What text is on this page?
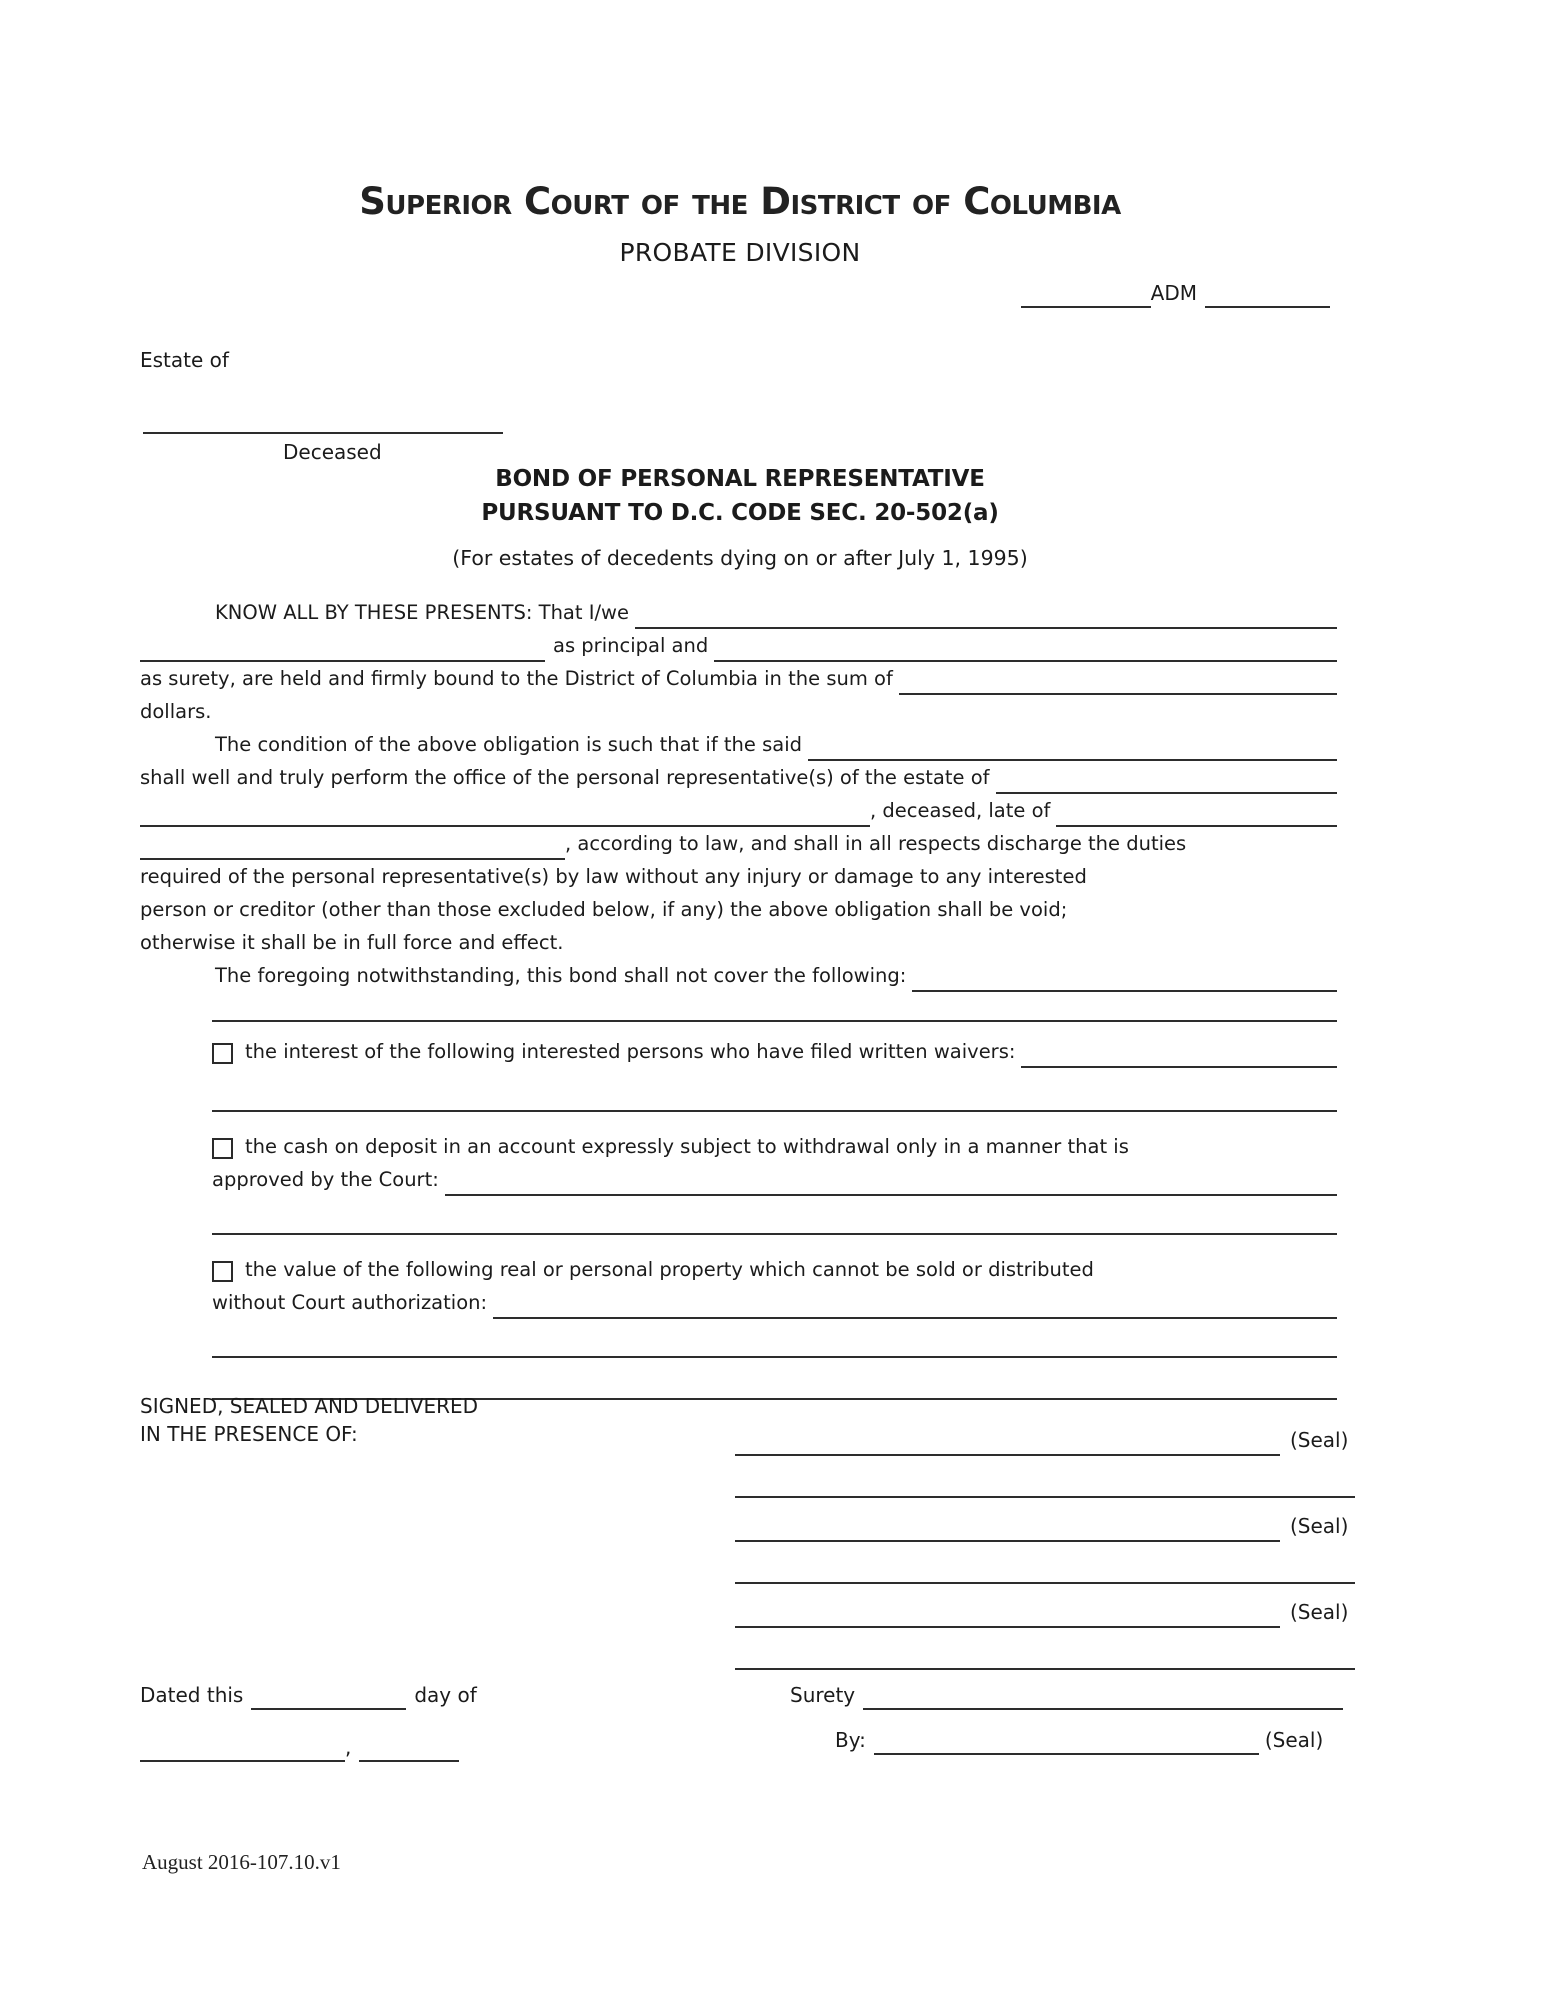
Superior Court of the District of Columbia
PROBATE DIVISION
ADM
Estate of
Deceased
BOND OF PERSONAL REPRESENTATIVE
PURSUANT TO D.C. CODE SEC. 20-502(a)
(For estates of decedents dying on or after July 1, 1995)
KNOW ALL BY THESE PRESENTS: That I/we
as principal and
as surety, are held and firmly bound to the District of Columbia in the sum of
dollars.
The condition of the above obligation is such that if the said
shall well and truly perform the office of the personal representative(s) of the estate of
, deceased, late of
, according to law, and shall in all respects discharge the duties
required of the personal representative(s) by law without any injury or damage to any interested
person or creditor (other than those excluded below, if any) the above obligation shall be void;
otherwise it shall be in full force and effect.
The foregoing notwithstanding, this bond shall not cover the following:
the interest of the following interested persons who have filed written waivers:
the cash on deposit in an account expressly subject to withdrawal only in a manner that is
approved by the Court:
the value of the following real or personal property which cannot be sold or distributed
without Court authorization:
SIGNED, SEALED AND DELIVERED
IN THE PRESENCE OF:	(Seal)
(Seal)
(Seal)
Dated this	day of
,
Surety
By:	(Seal)
August 2016-107.10.v1
